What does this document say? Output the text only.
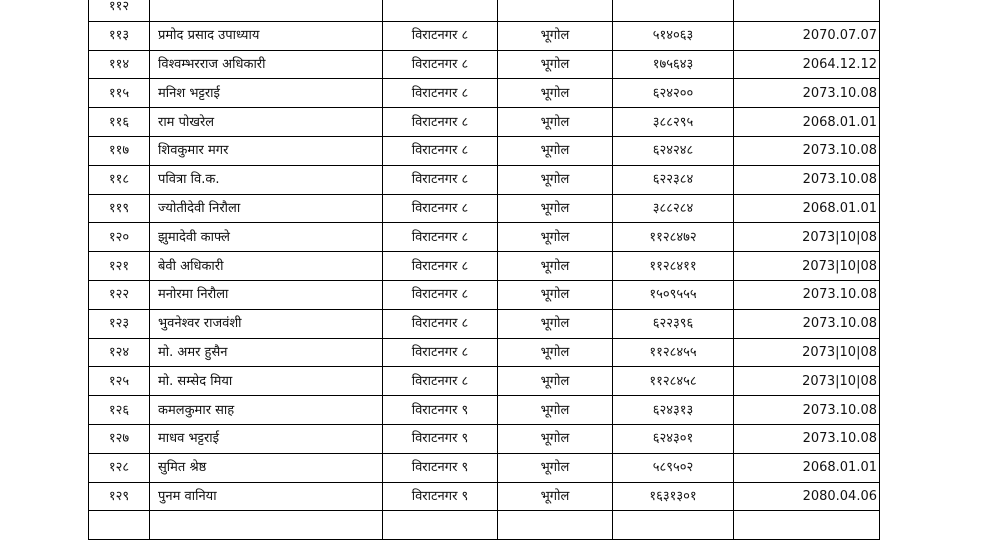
११२					
११३	प्रमोद प्रसाद उपाध्याय	विराटनगर ८	भूगोल	५१४०६३	2070.07.07
११४	विश्वम्भरराज अधिकारी	विराटनगर ८	भूगोल	१७५६४३	2064.12.12
११५	मनिश भट्टराई	विराटनगर ८	भूगोल	६२४२००	2073.10.08
११६	राम पोखरेल	विराटनगर ८	भूगोल	३८८२९५	2068.01.01
११७	शिवकुमार मगर	विराटनगर ८	भूगोल	६२४२४८	2073.10.08
११८	पवित्रा वि.क.	विराटनगर ८	भूगोल	६२२३८४	2073.10.08
११९	ज्योतीदेवी निरौला	विराटनगर ८	भूगोल	३८८२८४	2068.01.01
१२०	झुमादेवी काफ्ले	विराटनगर ८	भूगोल	११२८४७२	2073|10|08
१२१	बेवी अधिकारी	विराटनगर ८	भूगोल	११२८४११	2073|10|08
१२२	मनोरमा निरौला	विराटनगर ८	भूगोल	१५०९५५५	2073.10.08
१२३	भुवनेश्वर राजवंशी	विराटनगर ८	भूगोल	६२२३९६	2073.10.08
१२४	मो. अमर हुसैन	विराटनगर ८	भूगोल	११२८४५५	2073|10|08
१२५	मो. सम्सेद मिया	विराटनगर ८	भूगोल	११२८४५८	2073|10|08
१२६	कमलकुमार साह	विराटनगर ९	भूगोल	६२४३१३	2073.10.08
१२७	माधव भट्टराई	विराटनगर ९	भूगोल	६२४३०१	2073.10.08
१२८	सुमित श्रेष्ठ	विराटनगर ९	भूगोल	५८९५०२	2068.01.01
१२९	पुनम वानिया	विराटनगर ९	भूगोल	१६३१३०१	2080.04.06
